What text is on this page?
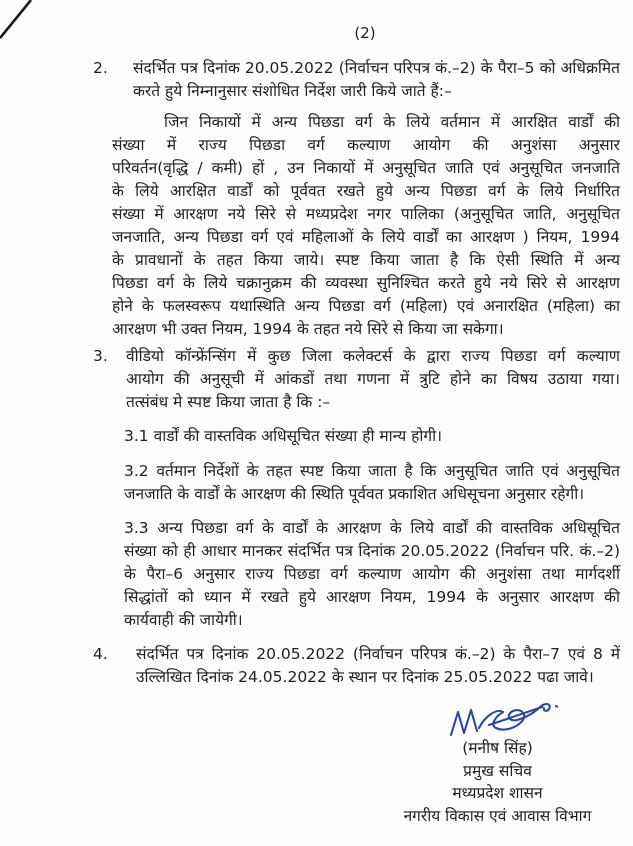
(2)
2. संदर्भित पत्र दिनांक 20.05.2022 (निर्वाचन परिपत्र कं.–2) के पैरा–5 को अधिक्रमित
करते हुये निम्नानुसार संशोधित निर्देश जारी किये जाते हैं:–
जिन निकायों में अन्य पिछडा वर्ग के लिये वर्तमान में आरक्षित वार्डों की
संख्या में राज्य पिछडा वर्ग कल्याण आयोग की अनुशंसा अनुसार
परिवर्तन(वृद्धि / कमी) हों , उन निकायों में अनुसूचित जाति एवं अनुसूचित जनजाति
के लिये आरक्षित वार्डों को पूर्ववत रखते हुये अन्य पिछडा वर्ग के लिये निर्धारित
संख्या में आरक्षण नये सिरे से मध्यप्रदेश नगर पालिका (अनुसूचित जाति, अनुसूचित
जनजाति, अन्य पिछडा वर्ग एवं महिलाओं के लिये वार्डों का आरक्षण ) नियम, 1994
के प्रावधानों के तहत किया जाये। स्पष्ट किया जाता है कि ऐसी स्थिति में अन्य
पिछडा वर्ग के लिये चक्रानुक्रम की व्यवस्था सुनिश्चित करते हुये नये सिरे से आरक्षण
होने के फलस्वरूप यथास्थिति अन्य पिछडा वर्ग (महिला) एवं अनारक्षित (महिला) का
आरक्षण भी उक्त नियम, 1994 के तहत नये सिरे से किया जा सकेगा।
3. वीडियो कॉन्फ्रेंन्सिंग में कुछ जिला कलेक्टर्स के द्वारा राज्य पिछडा वर्ग कल्याण
आयोग की अनुसूची में आंकडों तथा गणना में त्रुटि होने का विषय उठाया गया।
तत्संबंध मे स्पष्ट किया जाता है कि :–
3.1 वार्डों की वास्तविक अधिसूचित संख्या ही मान्य होगी।
3.2 वर्तमान निर्देशों के तहत स्पष्ट किया जाता है कि अनुसूचित जाति एवं अनुसूचित
जनजाति के वार्डों के आरक्षण की स्थिति पूर्ववत प्रकाशित अधिसूचना अनुसार रहेगी।
3.3 अन्य पिछडा वर्ग के वार्डों के आरक्षण के लिये वार्डों की वास्तविक अधिसूचित
संख्या को ही आधार मानकर संदर्भित पत्र दिनांक 20.05.2022 (निर्वाचन परि. कं.–2)
के पैरा–6 अनुसार राज्य पिछडा वर्ग कल्याण आयोग की अनुशंसा तथा मार्गदर्शी
सिद्धांतों को ध्यान में रखते हुये आरक्षण नियम, 1994 के अनुसार आरक्षण की
कार्यवाही की जायेगी।
4. संदर्भित पत्र दिनांक 20.05.2022 (निर्वाचन परिपत्र कं.–2) के पैरा–7 एवं 8 में
उल्लिखित दिनांक 24.05.2022 के स्थान पर दिनांक 25.05.2022 पढा जावे।
(मनीष सिंह)
प्रमुख सचिव
मध्यप्रदेश शासन
नगरीय विकास एवं आवास विभाग
